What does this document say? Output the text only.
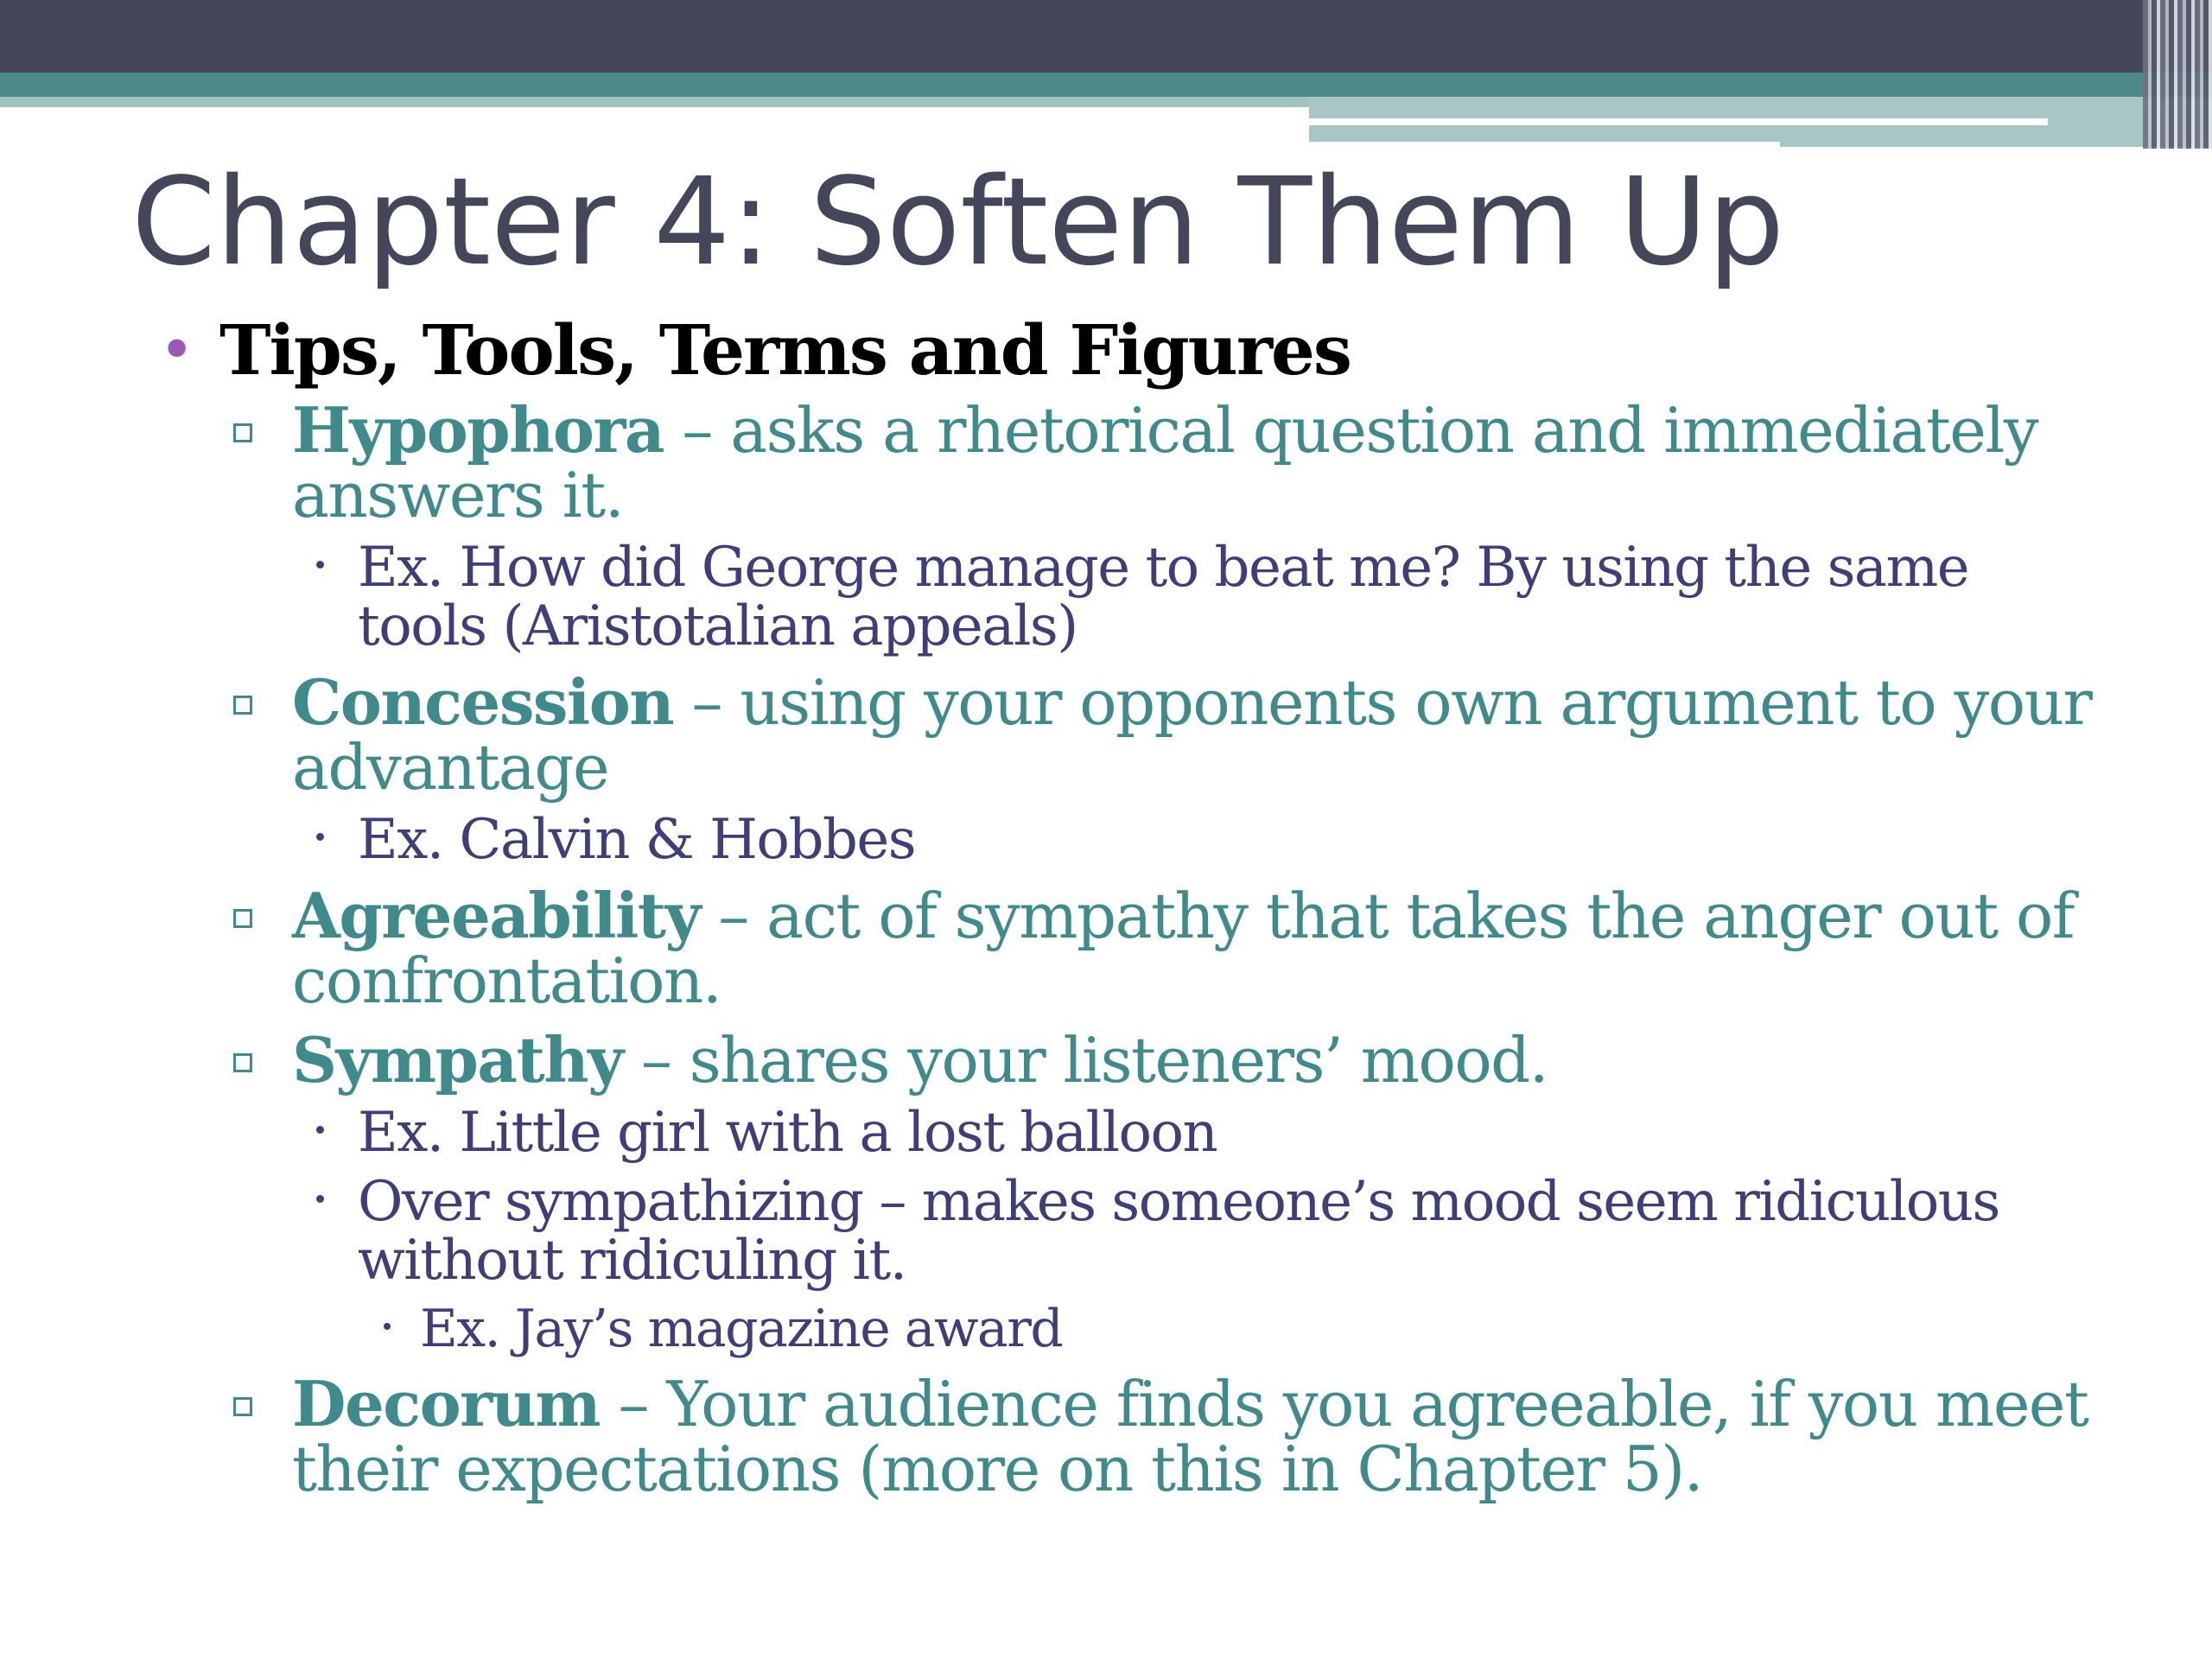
Chapter 4: Soften Them Up
• Tips, Tools, Terms and Figures
Hypophora – asks a rhetorical question and immediately answers it.
Ex. How did George manage to beat me? By using the same tools (Aristotalian appeals)
Concession – using your opponents own argument to your advantage
Ex. Calvin & Hobbes
Agreeability – act of sympathy that takes the anger out of confrontation.
Sympathy – shares your listeners’ mood.
Ex. Little girl with a lost balloon
Over sympathizing – makes someone’s mood seem ridiculous without ridiculing it.
Ex. Jay’s magazine award
Decorum – Your audience finds you agreeable, if you meet their expectations (more on this in Chapter 5).
